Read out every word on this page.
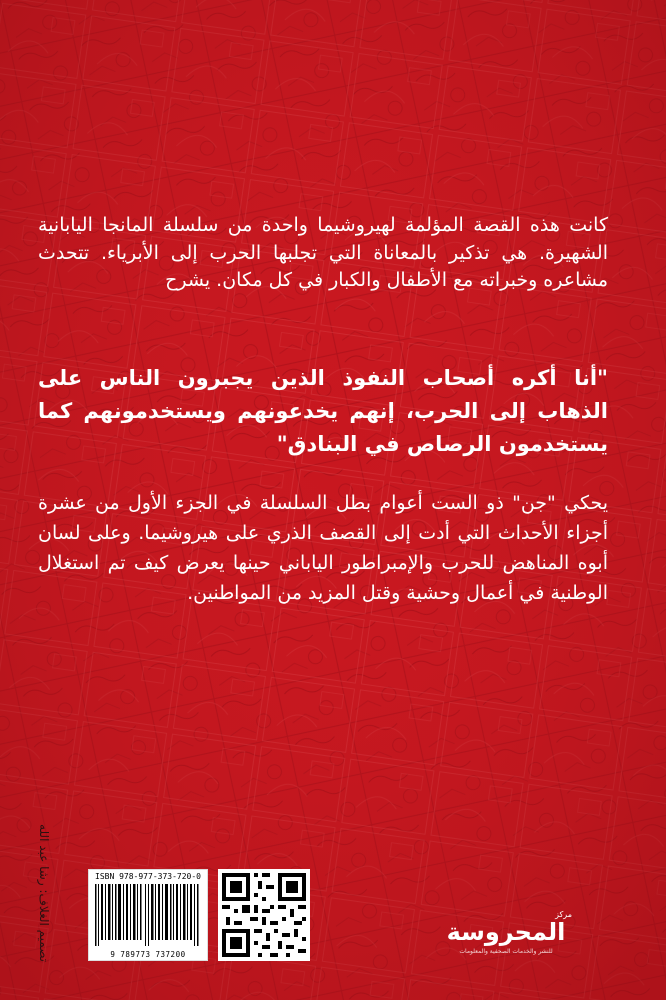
كانت هذه القصة المؤلمة لهيروشيما واحدة من سلسلة المانجا اليابانية الشهيرة. هي تذكير بالمعاناة التي تجلبها الحرب إلى الأبرياء. تتحدث مشاعره وخبراته مع الأطفال والكبار في كل مكان. يشرح
"أنا أكره أصحاب النفوذ الذين يجبرون الناس على الذهاب إلى الحرب، إنهم يخدعونهم ويستخدمونهم كما يستخدمون الرصاص في البنادق"
يحكي "جن" ذو الست أعوام بطل السلسلة في الجزء الأول من عشرة أجزاء الأحداث التي أدت إلى القصف الذري على هيروشيما. وعلى لسان أبوه المناهض للحرب والإمبراطور الياباني حينها يعرض كيف تم استغلال الوطنية في أعمال وحشية وقتل المزيد من المواطنين.
تصميم الغلاف: رشا عبد الله	ISBN 978-977-373-720-0
9 789773 737200
مركز
المحروسة
للنشر والخدمات الصحفية والمعلومات
